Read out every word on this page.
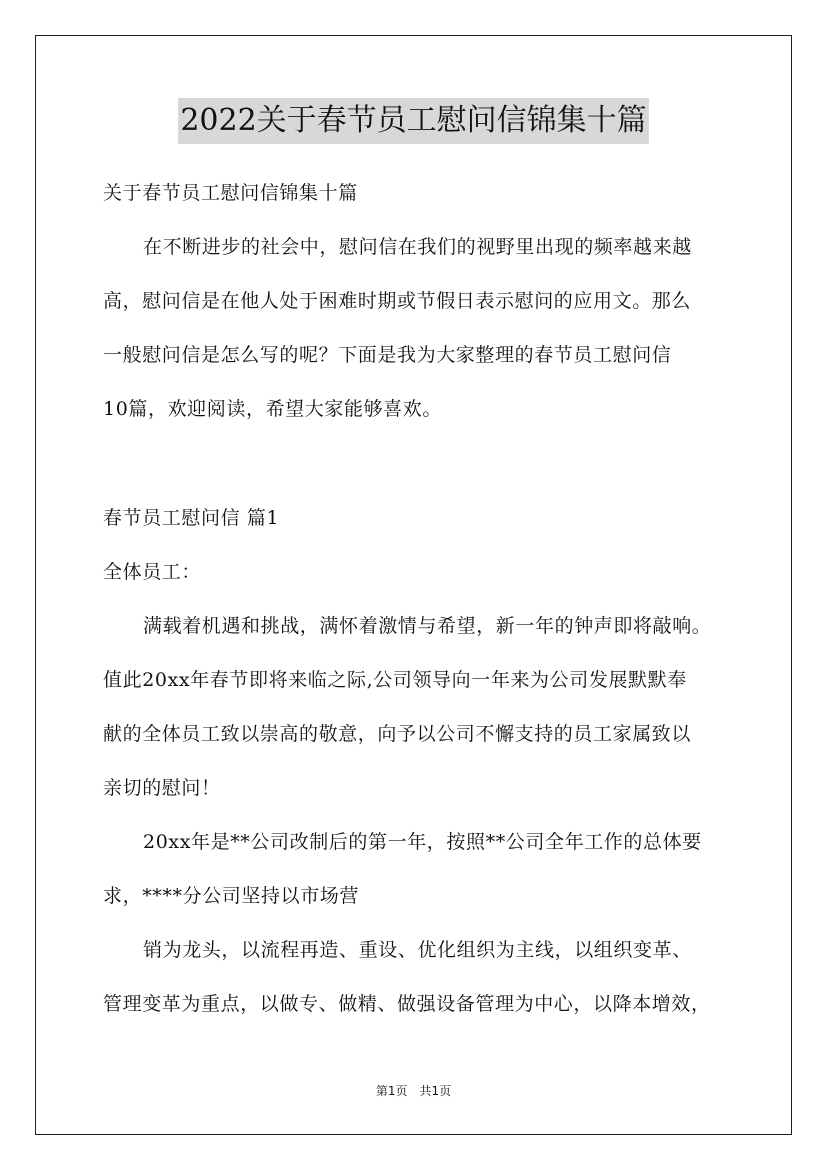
2022关于春节员工慰问信锦集十篇
关于春节员工慰问信锦集十篇
在不断进步的社会中，慰问信在我们的视野里出现的频率越来越
高，慰问信是在他人处于困难时期或节假日表示慰问的应用文。那么
一般慰问信是怎么写的呢？下面是我为大家整理的春节员工慰问信
10篇，欢迎阅读，希望大家能够喜欢。
春节员工慰问信 篇1
全体员工：
满载着机遇和挑战，满怀着激情与希望，新一年的钟声即将敲响。
值此20xx年春节即将来临之际,公司领导向一年来为公司发展默默奉
献的全体员工致以崇高的敬意，向予以公司不懈支持的员工家属致以
亲切的慰问！
20xx年是**公司改制后的第一年，按照**公司全年工作的总体要
求，****分公司坚持以市场营
销为龙头，以流程再造、重设、优化组织为主线，以组织变革、
管理变革为重点，以做专、做精、做强设备管理为中心，以降本增效，
第1页 共1页
